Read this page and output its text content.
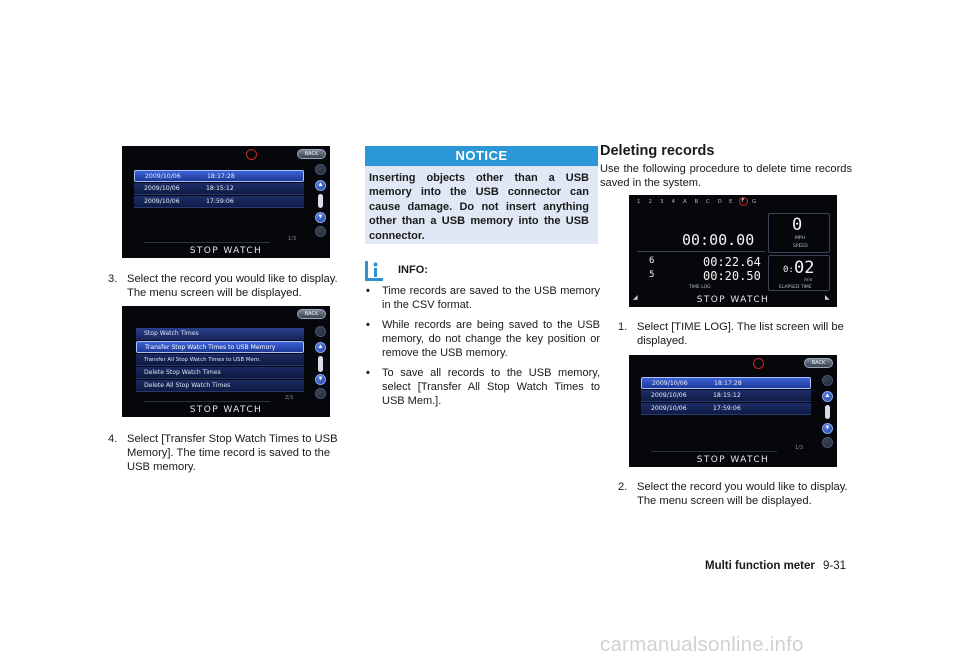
BACK
2009/10/06	18:17:28
2009/10/06	18:15:12
2009/10/06	17:59:06
▲
▼
1/3
STOP WATCH

3. Select the record you would like to display.
The menu screen will be displayed.

BACK
Stop Watch Times
Transfer Stop Watch Times to USB Memory
Transfer All Stop Watch Times to USB Mem.
Delete Stop Watch Times
Delete All Stop Watch Times
▲
▼
2/3
STOP WATCH

4. Select [Transfer Stop Watch Times to USB
Memory]. The time record is saved to the
USB memory.

NOTICE
Inserting objects other than a USB memory into the USB connector can cause damage. Do not insert anything other than a USB memory into the USB connector.
INFO:
•	Time records are saved to the USB memory in the CSV format.
•	While records are being saved to the USB memory, do not change the key position or remove the USB memory.
•	To save all records to the USB memory, select [Transfer All Stop Watch Times to USB Mem.].
Deleting records
Use the following procedure to delete time records saved in the system.
1 2 3 4 A B C D E	F	G
00:00.00
6	00:22.64
5	00:20.50
TIME LOG
0
MPH
SPEED
0: 02
min
ELAPSED TIME
◢	◣
STOP WATCH

1. Select [TIME LOG]. The list screen will be
displayed.

BACK
2009/10/06	18:17:28
2009/10/06	18:15:12
2009/10/06	17:59:06
▲
▼
1/3
STOP WATCH

2. Select the record you would like to display.
The menu screen will be displayed.

Multi function meter 9-31
carmanualsonline.info
